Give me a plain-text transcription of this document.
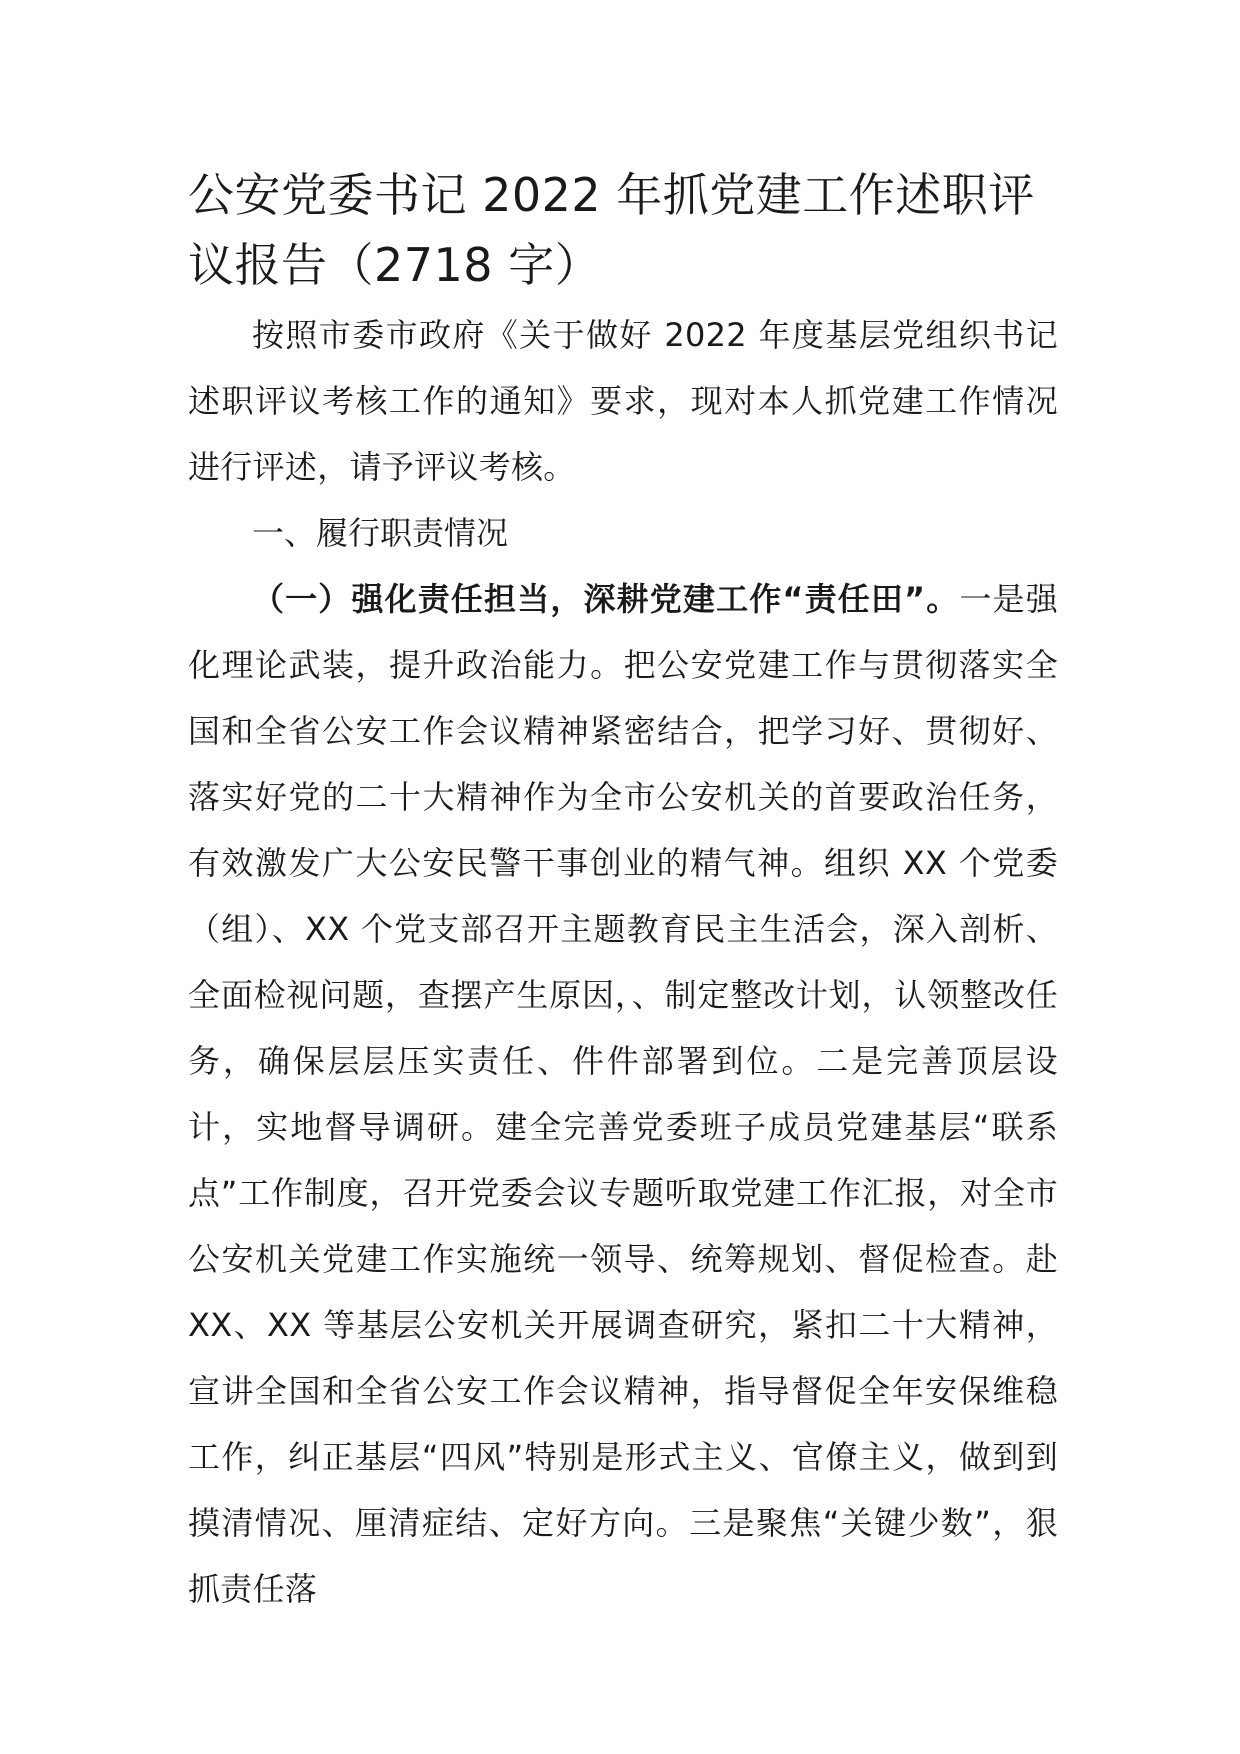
公安党委书记 2022 年抓党建工作述职评议报告（2718 字）

按照市委市政府《关于做好 2022 年度基层党组织书记述职评议考核工作的通知》要求，现对本人抓党建工作情况进行评述，请予评议考核。

一、履行职责情况

（一）强化责任担当，深耕党建工作“责任田”。一是强化理论武装，提升政治能力。把公安党建工作与贯彻落实全国和全省公安工作会议精神紧密结合，把学习好、贯彻好、落实好党的二十大精神作为全市公安机关的首要政治任务，有效激发广大公安民警干事创业的精气神。组织 XX 个党委（组）、XX 个党支部召开主题教育民主生活会，深入剖析、全面检视问题，查摆产生原因，、制定整改计划，认领整改任务，确保层层压实责任、件件部署到位。二是完善顶层设计，实地督导调研。建全完善党委班子成员党建基层“联系点”工作制度，召开党委会议专题听取党建工作汇报，对全市公安机关党建工作实施统一领导、统筹规划、督促检查。赴 XX、XX 等基层公安机关开展调查研究，紧扣二十大精神，宣讲全国和全省公安工作会议精神，指导督促全年安保维稳工作，纠正基层“四风”特别是形式主义、官僚主义，做到到摸清情况、厘清症结、定好方向。三是聚焦“关键少数”，狠抓责任落
